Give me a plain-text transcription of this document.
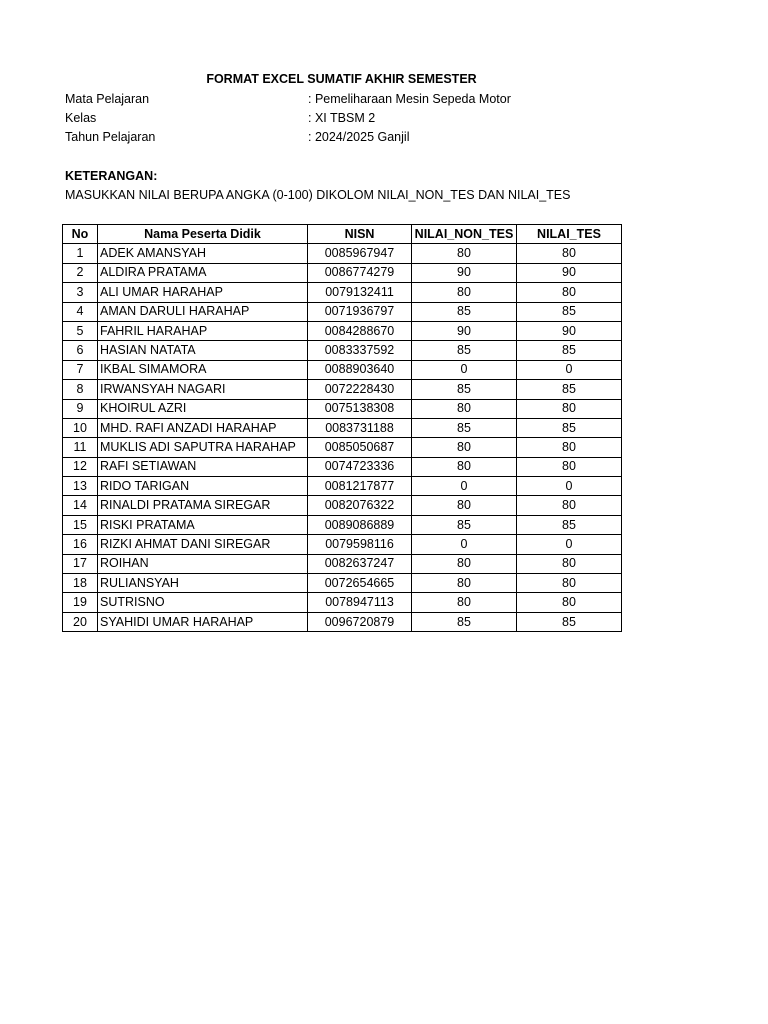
FORMAT EXCEL SUMATIF AKHIR SEMESTER
Mata Pelajaran	: Pemeliharaan Mesin Sepeda Motor
Kelas	: XI TBSM 2
Tahun Pelajaran	: 2024/2025 Ganjil
KETERANGAN:
MASUKKAN NILAI BERUPA ANGKA (0-100) DIKOLOM NILAI_NON_TES DAN NILAI_TES
No	Nama Peserta Didik	NISN	NILAI_NON_TES	NILAI_TES
1	ADEK AMANSYAH	0085967947	80	80
2	ALDIRA PRATAMA	0086774279	90	90
3	ALI UMAR HARAHAP	0079132411	80	80
4	AMAN DARULI HARAHAP	0071936797	85	85
5	FAHRIL HARAHAP	0084288670	90	90
6	HASIAN NATATA	0083337592	85	85
7	IKBAL SIMAMORA	0088903640	0	0
8	IRWANSYAH NAGARI	0072228430	85	85
9	KHOIRUL AZRI	0075138308	80	80
10	MHD. RAFI ANZADI HARAHAP	0083731188	85	85
11	MUKLIS ADI SAPUTRA HARAHAP	0085050687	80	80
12	RAFI SETIAWAN	0074723336	80	80
13	RIDO TARIGAN	0081217877	0	0
14	RINALDI PRATAMA SIREGAR	0082076322	80	80
15	RISKI PRATAMA	0089086889	85	85
16	RIZKI AHMAT DANI SIREGAR	0079598116	0	0
17	ROIHAN	0082637247	80	80
18	RULIANSYAH	0072654665	80	80
19	SUTRISNO	0078947113	80	80
20	SYAHIDI UMAR HARAHAP	0096720879	85	85
